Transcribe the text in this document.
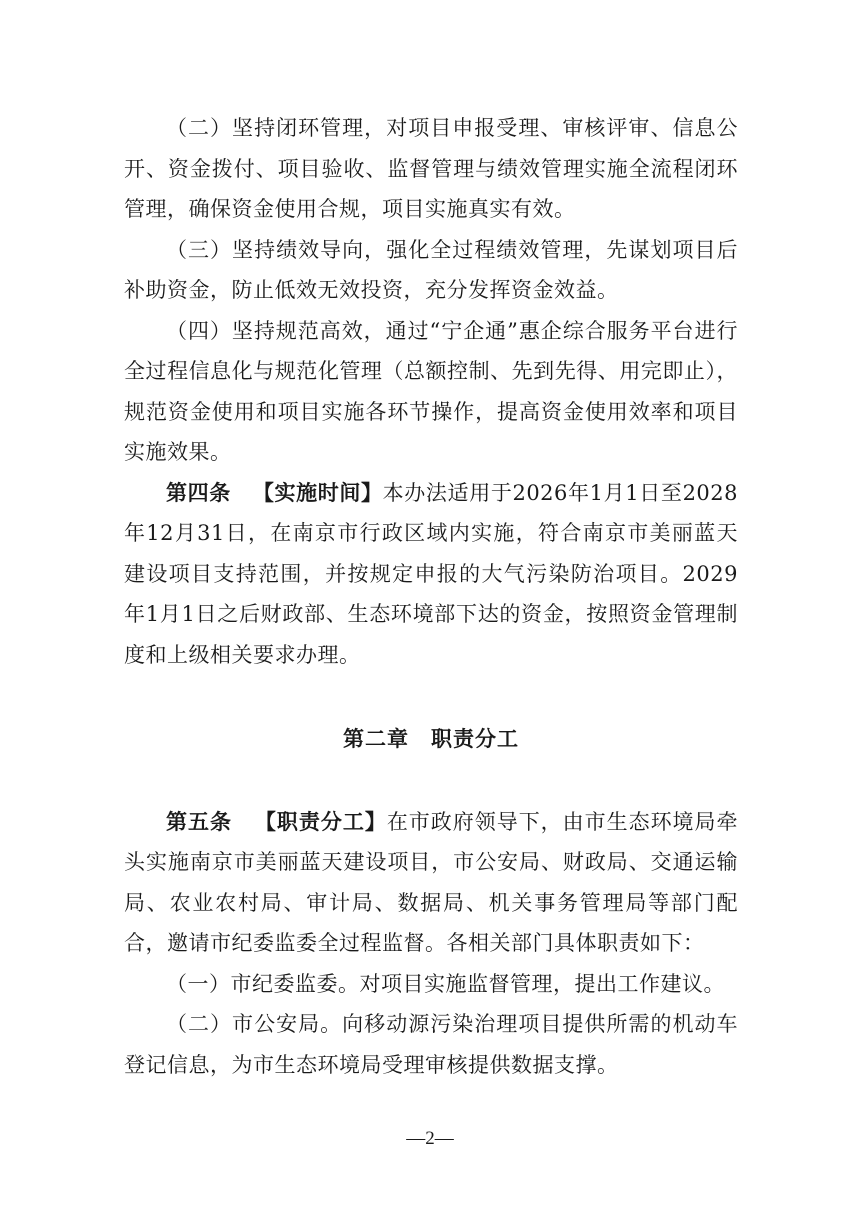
（二）坚持闭环管理，对项目申报受理、审核评审、信息公开、资金拨付、项目验收、监督管理与绩效管理实施全流程闭环管理，确保资金使用合规，项目实施真实有效。

（三）坚持绩效导向，强化全过程绩效管理，先谋划项目后补助资金，防止低效无效投资，充分发挥资金效益。

（四）坚持规范高效，通过“宁企通”惠企综合服务平台进行全过程信息化与规范化管理（总额控制、先到先得、用完即止），规范资金使用和项目实施各环节操作，提高资金使用效率和项目实施效果。

第四条 【实施时间】本办法适用于2026年1月1日至2028年12月31日，在南京市行政区域内实施，符合南京市美丽蓝天建设项目支持范围，并按规定申报的大气污染防治项目。2029年1月1日之后财政部、生态环境部下达的资金，按照资金管理制度和上级相关要求办理。

第二章　职责分工

第五条 【职责分工】在市政府领导下，由市生态环境局牵头实施南京市美丽蓝天建设项目，市公安局、财政局、交通运输局、农业农村局、审计局、数据局、机关事务管理局等部门配合，邀请市纪委监委全过程监督。各相关部门具体职责如下：

（一）市纪委监委。对项目实施监督管理，提出工作建议。

（二）市公安局。向移动源污染治理项目提供所需的机动车登记信息，为市生态环境局受理审核提供数据支撑。

—2—
